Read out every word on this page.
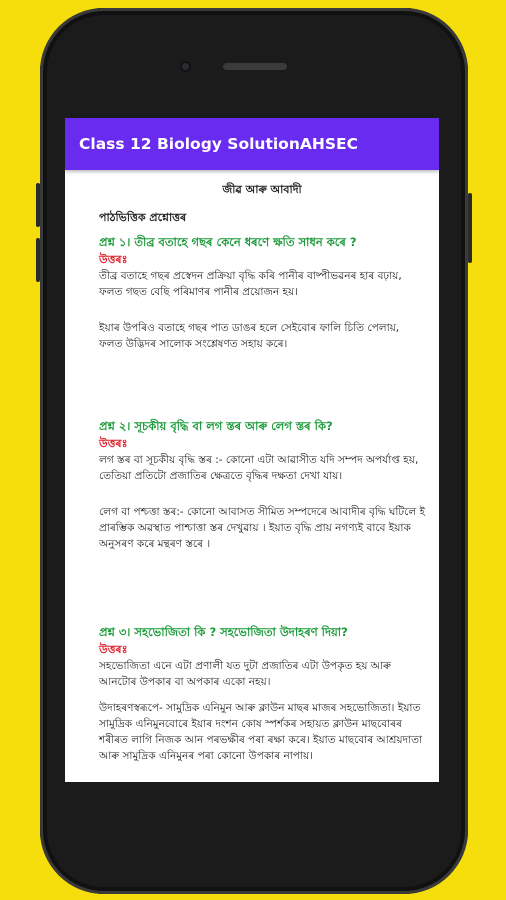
Class 12 Biology SolutionAHSEC
জীৱ আৰু আবাদী
পাঠভিত্তিক প্ৰশ্নোত্তৰ
প্ৰশ্ন ১। তীব্ৰ বতাহে গছৰ কেনে ধৰণে ক্ষতি সাধন কৰে ?
উত্তৰঃ

তীব্ৰ বতাহে গছৰ প্ৰস্বেদন প্ৰক্ৰিয়া বৃদ্ধি কৰি পানীৰ বাষ্পীভৱনৰ হাৰ বঢ়ায়, ফলত গছত বেছি পৰিমাণৰ পানীৰ প্ৰয়োজন হয়।

ইয়াৰ উপৰিও বতাহে গছৰ পাত ডাঙৰ হলে সেইবোৰ ফালি চিতি পেলায়, ফলত উদ্ভিদৰ সালোক সংশ্লেষণত সহায় কৰে।

প্ৰশ্ন ২। সূচকীয় বৃদ্ধি বা লগ স্তৰ আৰু লেগ স্তৰ কি?
উত্তৰঃ

লগ স্তৰ বা সূচকীয় বৃদ্ধি স্তৰ :- কোনো এটা আৱাসীত যদি সম্পদ অপৰ্যাপ্ত হয়, তেতিয়া প্ৰতিটো প্ৰজাতিৰ ক্ষেত্ৰতে বৃদ্ধিৰ দক্ষতা দেখা যায়।

লেগ বা পশ্চত্তা স্তৰ:- কোনো আবাসত সীমিত সম্পদেৰে আবাদীৰ বৃদ্ধি ঘটিলে ই প্ৰাৰম্ভিক অৱস্থাত পাশ্চাত্তা স্তৰ দেখুৱায় । ইয়াত বৃদ্ধি প্ৰায় নগণ্যই বাবে ইয়াক অনুসৰণ কৰে মন্থৰণ স্তৰে ।

প্ৰশ্ন ৩। সহভোজিতা কি ? সহভোজিতা উদাহৰণ দিয়া?
উত্তৰঃ

সহভোজিতা এনে এটা প্ৰণালী যত দুটা প্ৰজাতিৰ এটা উপকৃত হয় আৰু আনটোৰ উপকাৰ বা অপকাৰ একো নহয়।

উদাহৰণস্বৰূপে- সামুদ্ৰিক এনিমুন আৰু ক্লাউন মাছৰ মাজৰ সহভোজিতা। ইয়াত সামুদ্ৰিক এনিমুনবোৰে ইয়াৰ দংশন কোষ স্পৰ্শকৰ সহায়ত ক্লাউন মাছবোৰৰ শৰীৰত লাগি নিজক আন পৰভক্ষীৰ পৰা ৰক্ষা কৰে। ইয়াত মাছবোৰ আশ্ৰয়দাতা আৰু সামুদ্ৰিক এনিমুনৰ পৰা কোনো উপকাৰ নাপায়।
